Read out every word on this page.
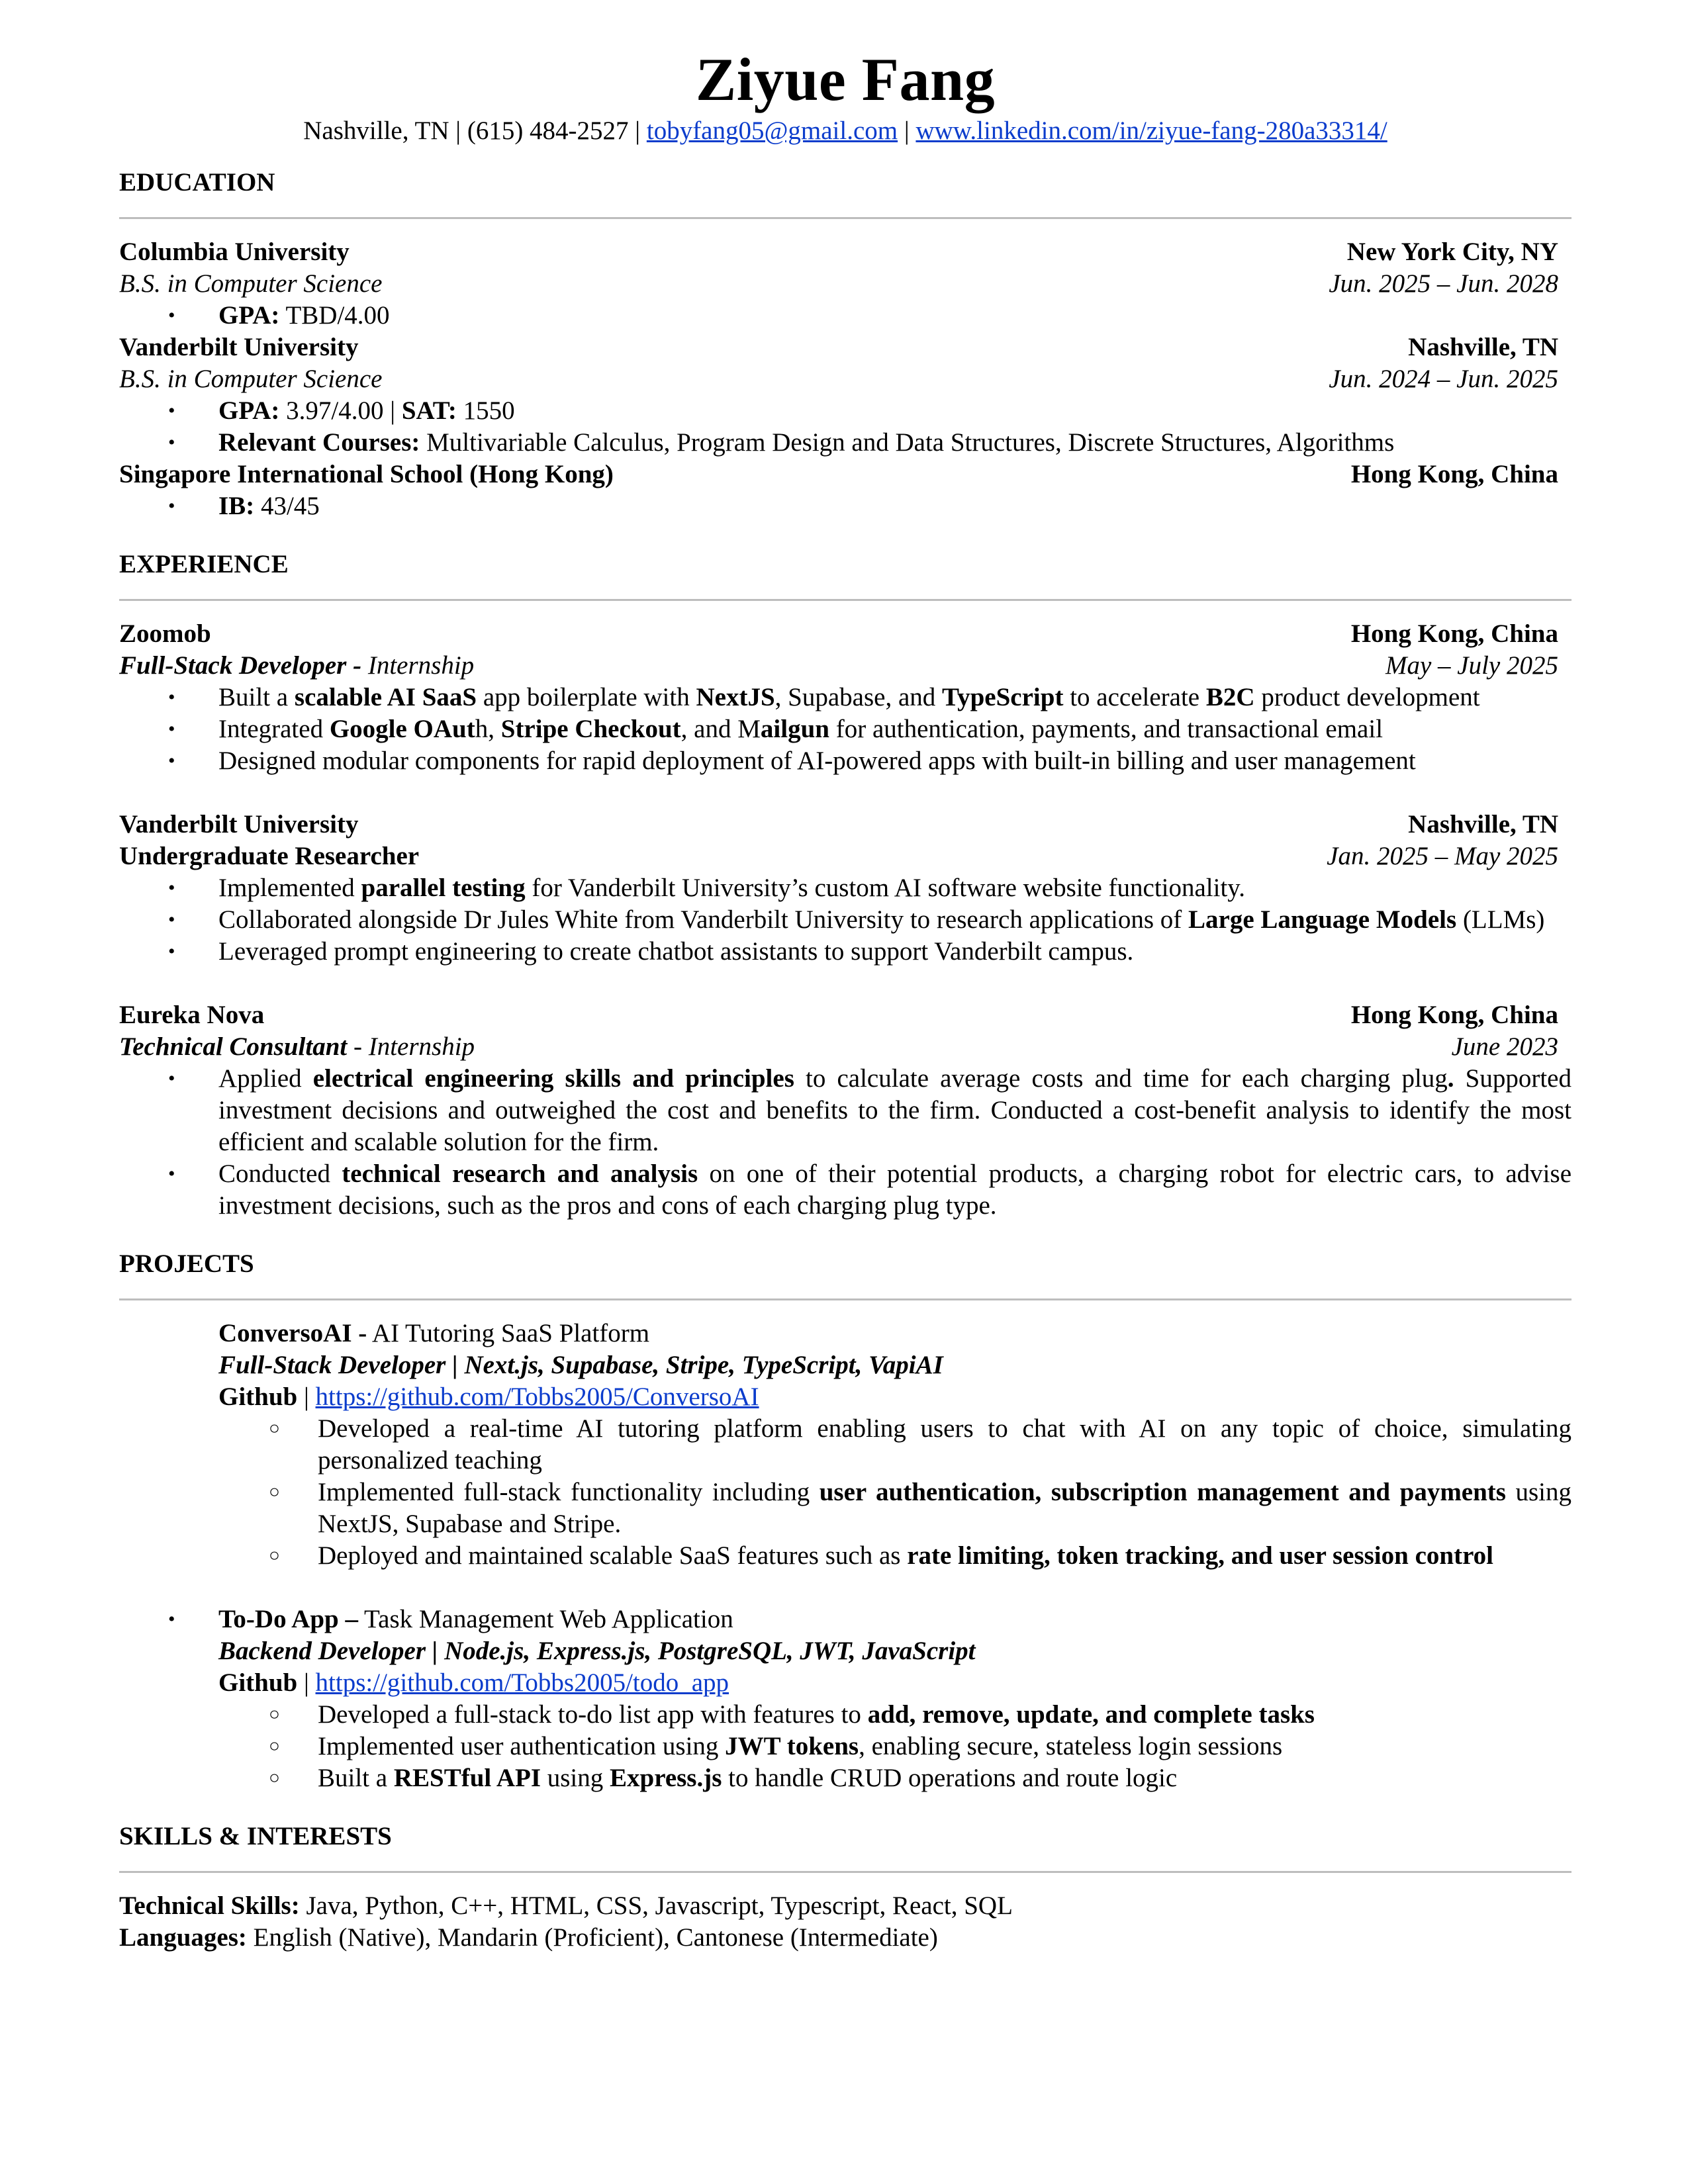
Ziyue Fang
Nashville, TN | (615) 484-2527 | tobyfang05@gmail.com | www.linkedin.com/in/ziyue-fang-280a33314/
EDUCATION
Columbia University	New York City, NY
B.S. in Computer Science	Jun. 2025 – Jun. 2028
• GPA: TBD/4.00
Vanderbilt University	Nashville, TN
B.S. in Computer Science	Jun. 2024 – Jun. 2025
• GPA: 3.97/4.00 | SAT: 1550
• Relevant Courses: Multivariable Calculus, Program Design and Data Structures, Discrete Structures, Algorithms
Singapore International School (Hong Kong)	Hong Kong, China
• IB: 43/45
EXPERIENCE
Zoomob	Hong Kong, China
Full-Stack Developer - Internship	May – July 2025
• Built a scalable AI SaaS app boilerplate with NextJS, Supabase, and TypeScript to accelerate B2C product development
• Integrated Google OAuth, Stripe Checkout, and Mailgun for authentication, payments, and transactional email
• Designed modular components for rapid deployment of AI-powered apps with built-in billing and user management
Vanderbilt University	Nashville, TN
Undergraduate Researcher	Jan. 2025 – May 2025
• Implemented parallel testing for Vanderbilt University’s custom AI software website functionality.
• Collaborated alongside Dr Jules White from Vanderbilt University to research applications of Large Language Models (LLMs)
• Leveraged prompt engineering to create chatbot assistants to support Vanderbilt campus.
Eureka Nova	Hong Kong, China
Technical Consultant - Internship	June 2023
• Applied electrical engineering skills and principles to calculate average costs and time for each charging plug. Supported investment decisions and outweighed the cost and benefits to the firm. Conducted a cost-benefit analysis to identify the most efficient and scalable solution for the firm.
• Conducted technical research and analysis on one of their potential products, a charging robot for electric cars, to advise investment decisions, such as the pros and cons of each charging plug type.
PROJECTS
ConversoAI - AI Tutoring SaaS Platform
Full-Stack Developer | Next.js, Supabase, Stripe, TypeScript, VapiAI
Github | https://github.com/Tobbs2005/ConversoAI
○ Developed a real-time AI tutoring platform enabling users to chat with AI on any topic of choice, simulating personalized teaching
○ Implemented full-stack functionality including user authentication, subscription management and payments using NextJS, Supabase and Stripe.
○ Deployed and maintained scalable SaaS features such as rate limiting, token tracking, and user session control
• To-Do App – Task Management Web Application
Backend Developer | Node.js, Express.js, PostgreSQL, JWT, JavaScript
Github | https://github.com/Tobbs2005/todo_app
○ Developed a full-stack to-do list app with features to add, remove, update, and complete tasks
○ Implemented user authentication using JWT tokens, enabling secure, stateless login sessions
○ Built a RESTful API using Express.js to handle CRUD operations and route logic
SKILLS & INTERESTS
Technical Skills: Java, Python, C++, HTML, CSS, Javascript, Typescript, React, SQL
Languages: English (Native), Mandarin (Proficient), Cantonese (Intermediate)
